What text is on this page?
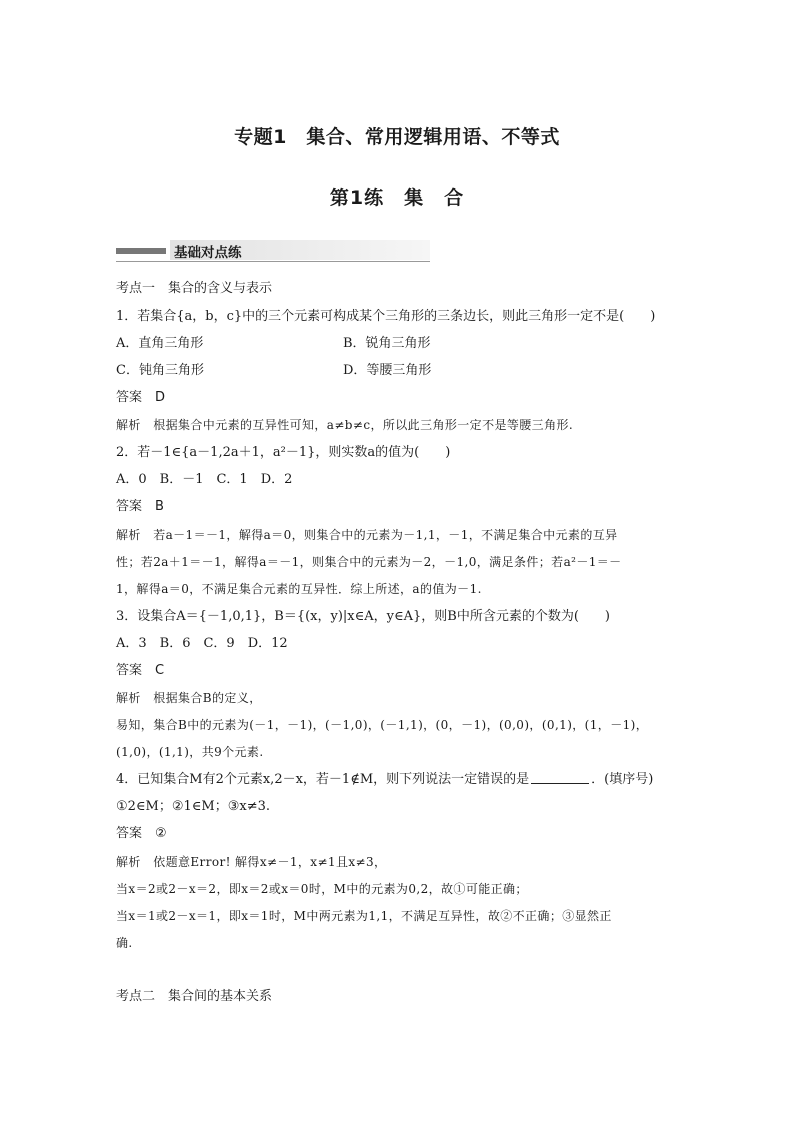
专题1　集合、常用逻辑用语、不等式
第1练　集　合
基础对点练
考点一　集合的含义与表示
1．若集合{a，b，c}中的三个元素可构成某个三角形的三条边长，则此三角形一定不是(　　)
A．直角三角形	B．锐角三角形
C．钝角三角形	D．等腰三角形
答案　D
解析　根据集合中元素的互异性可知，a≠b≠c，所以此三角形一定不是等腰三角形.
2．若－1∈{a－1,2a＋1，a²－1}，则实数a的值为(　　)
A．0　B．－1　C．1　D．2
答案　B
解析　若a－1＝－1，解得a＝0，则集合中的元素为－1,1，－1，不满足集合中元素的互异
性；若2a＋1＝－1，解得a＝－1，则集合中的元素为－2，－1,0，满足条件；若a²－1＝－
1，解得a＝0，不满足集合元素的互异性．综上所述，a的值为－1.
3．设集合A＝{－1,0,1}，B＝{(x，y)|x∈A，y∈A}，则B中所含元素的个数为(　　)
A．3　B．6　C．9　D．12
答案　C
解析　根据集合B的定义，
易知，集合B中的元素为(－1，－1)，(－1,0)，(－1,1)，(0，－1)，(0,0)，(0,1)，(1，－1)，
(1,0)，(1,1)，共9个元素.
4．已知集合M有2个元素x,2－x，若－1∉M，则下列说法一定错误的是	．(填序号)
①2∈M；②1∈M；③x≠3.
答案　②
解析　依题意Error! 解得x≠－1，x≠1且x≠3，
当x＝2或2－x＝2，即x＝2或x＝0时，M中的元素为0,2，故①可能正确；
当x＝1或2－x＝1，即x＝1时，M中两元素为1,1，不满足互异性，故②不正确；③显然正
确.
考点二　集合间的基本关系
